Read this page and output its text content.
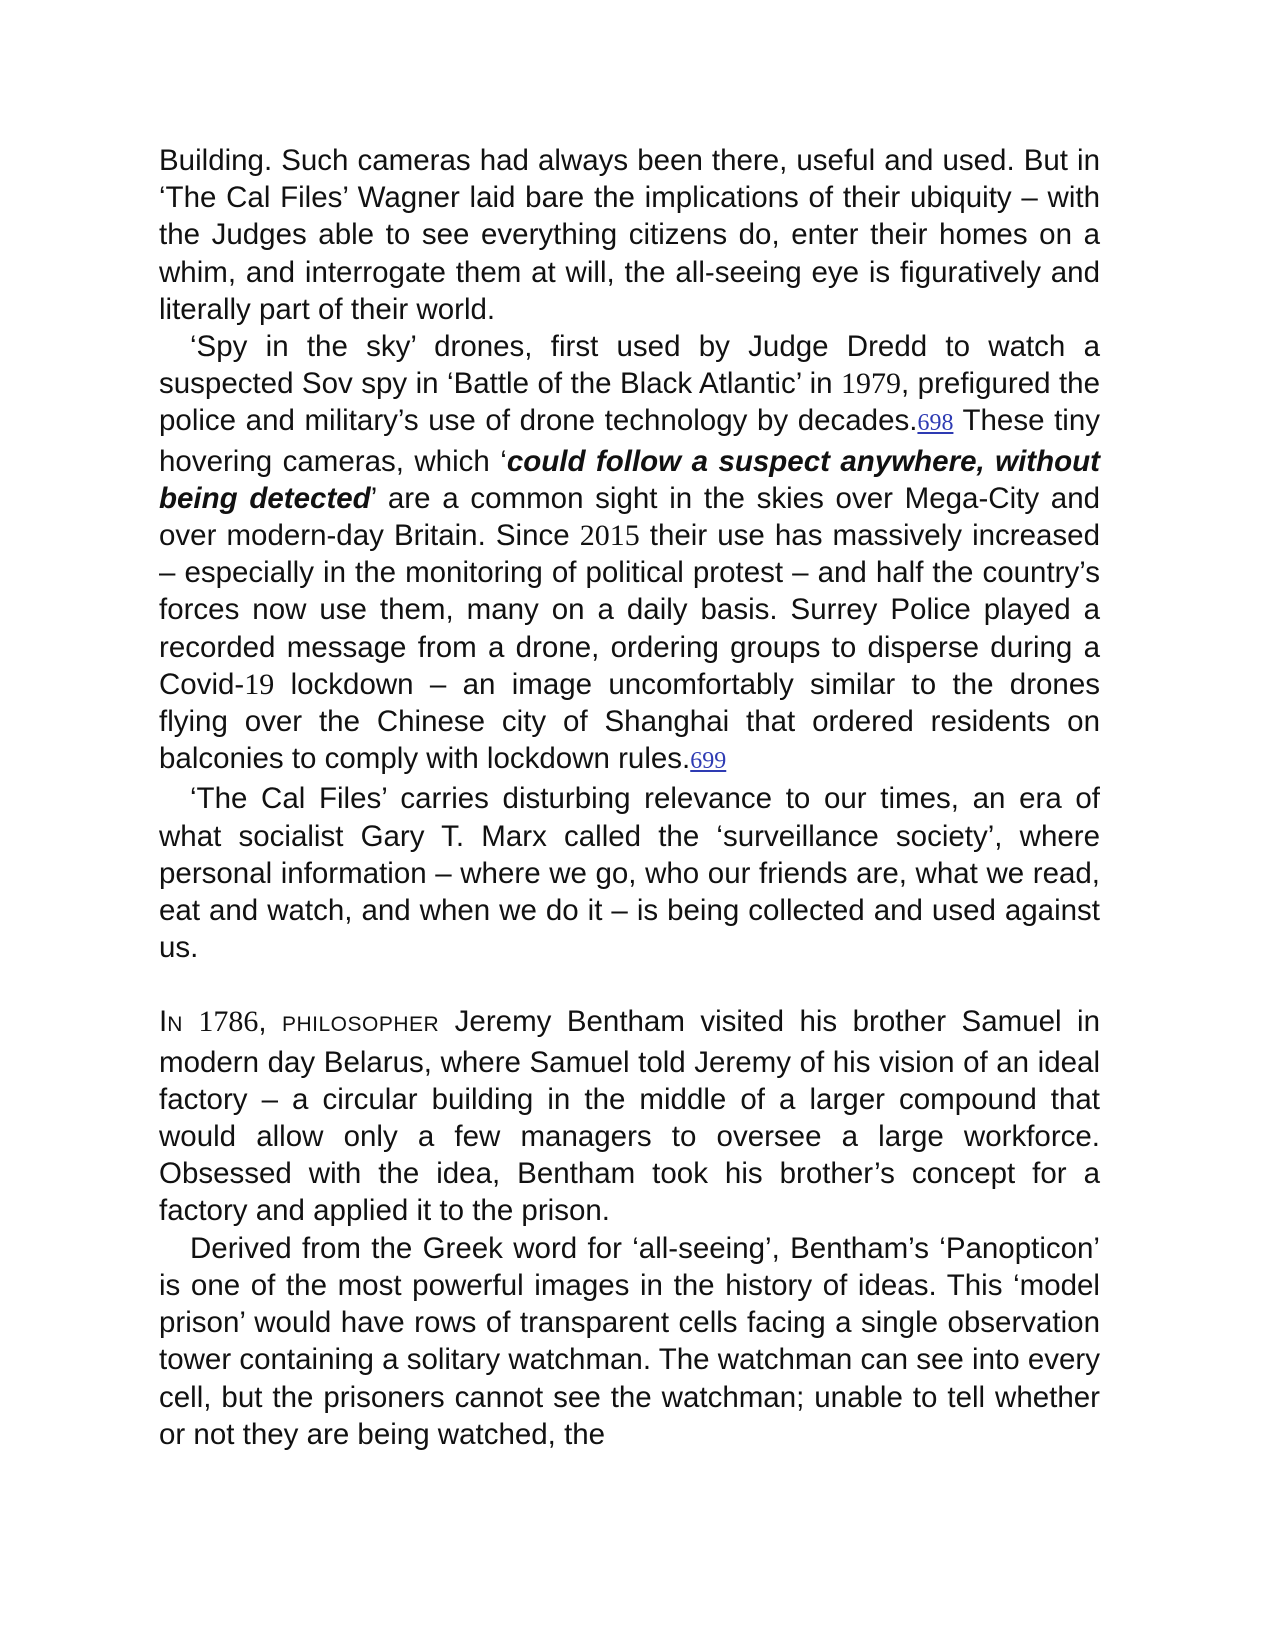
Building. Such cameras had always been there, useful and used. But in ‘The Cal Files’ Wagner laid bare the implications of their ubiquity – with the Judges able to see everything citizens do, enter their homes on a whim, and interrogate them at will, the all-seeing eye is figuratively and literally part of their world.

‘Spy in the sky’ drones, first used by Judge Dredd to watch a suspected Sov spy in ‘Battle of the Black Atlantic’ in 1979, prefigured the police and military’s use of drone technology by decades.698 These tiny hovering cameras, which ‘could follow a suspect anywhere, without being detected’ are a common sight in the skies over Mega-City and over modern-day Britain. Since 2015 their use has massively increased – especially in the monitoring of political protest – and half the country’s forces now use them, many on a daily basis. Surrey Police played a recorded message from a drone, ordering groups to disperse during a Covid-19 lockdown – an image uncomfortably similar to the drones flying over the Chinese city of Shanghai that ordered residents on balconies to comply with lockdown rules.699

‘The Cal Files’ carries disturbing relevance to our times, an era of what socialist Gary T. Marx called the ‘surveillance society’, where personal information – where we go, who our friends are, what we read, eat and watch, and when we do it – is being collected and used against us.

IN 1786, PHILOSOPHER Jeremy Bentham visited his brother Samuel in modern day Belarus, where Samuel told Jeremy of his vision of an ideal factory – a circular building in the middle of a larger compound that would allow only a few managers to oversee a large workforce. Obsessed with the idea, Bentham took his brother’s concept for a factory and applied it to the prison.

Derived from the Greek word for ‘all-seeing’, Bentham’s ‘Panopticon’ is one of the most powerful images in the history of ideas. This ‘model prison’ would have rows of transparent cells facing a single observation tower containing a solitary watchman. The watchman can see into every cell, but the prisoners cannot see the watchman; unable to tell whether or not they are being watched, the
